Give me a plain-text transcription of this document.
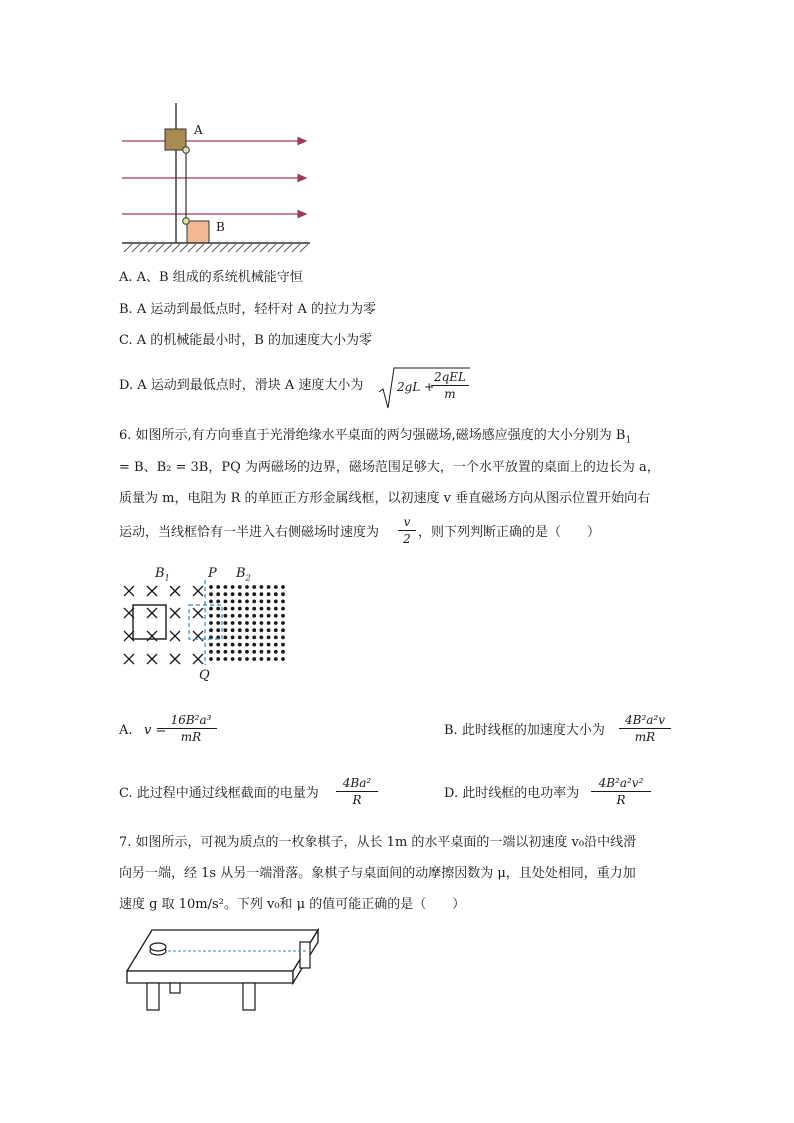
A
B
A. A、B 组成的系统机械能守恒
B. A 运动到最低点时，轻杆对 A 的拉力为零
C. A 的机械能最小时，B 的加速度大小为零
D. A 运动到最低点时，滑块 A 速度大小为	2gL +
2qEL
m
6. 如图所示,有方向垂直于光滑绝缘水平桌面的两匀强磁场,磁场感应强度的大小分别为 $B_1$
= B、B₂ = 3B，PQ 为两磁场的边界，磁场范围足够大，一个水平放置的桌面上的边长为 a，
质量为 m，电阻为 R 的单匝正方形金属线框，以初速度 v 垂直磁场方向从图示位置开始向右
运动，当线框恰有一半进入右侧磁场时速度为 $\frac{v}{2}$ ，则下列判断正确的是（　　）
$B_1$	P $B_2$
Q
A. v =
$\frac{\text{16B²a³}}{mR}$	B. 此时线框的加速度大小为 $\frac{\text{4B²a²v}}{mR}$
C. 此过程中通过线框截面的电量为 $\frac{\text{4Ba²}}{R}$	D. 此时线框的电功率为 $\frac{\text{4B²a²v²}}{R}$
7. 如图所示，可视为质点的一枚象棋子，从长 1m 的水平桌面的一端以初速度 v₀沿中线滑
向另一端，经 1s 从另一端滑落。象棋子与桌面间的动摩擦因数为 μ，且处处相同，重力加
速度 g 取 10m/s²。下列 v₀和 μ 的值可能正确的是（　　）
